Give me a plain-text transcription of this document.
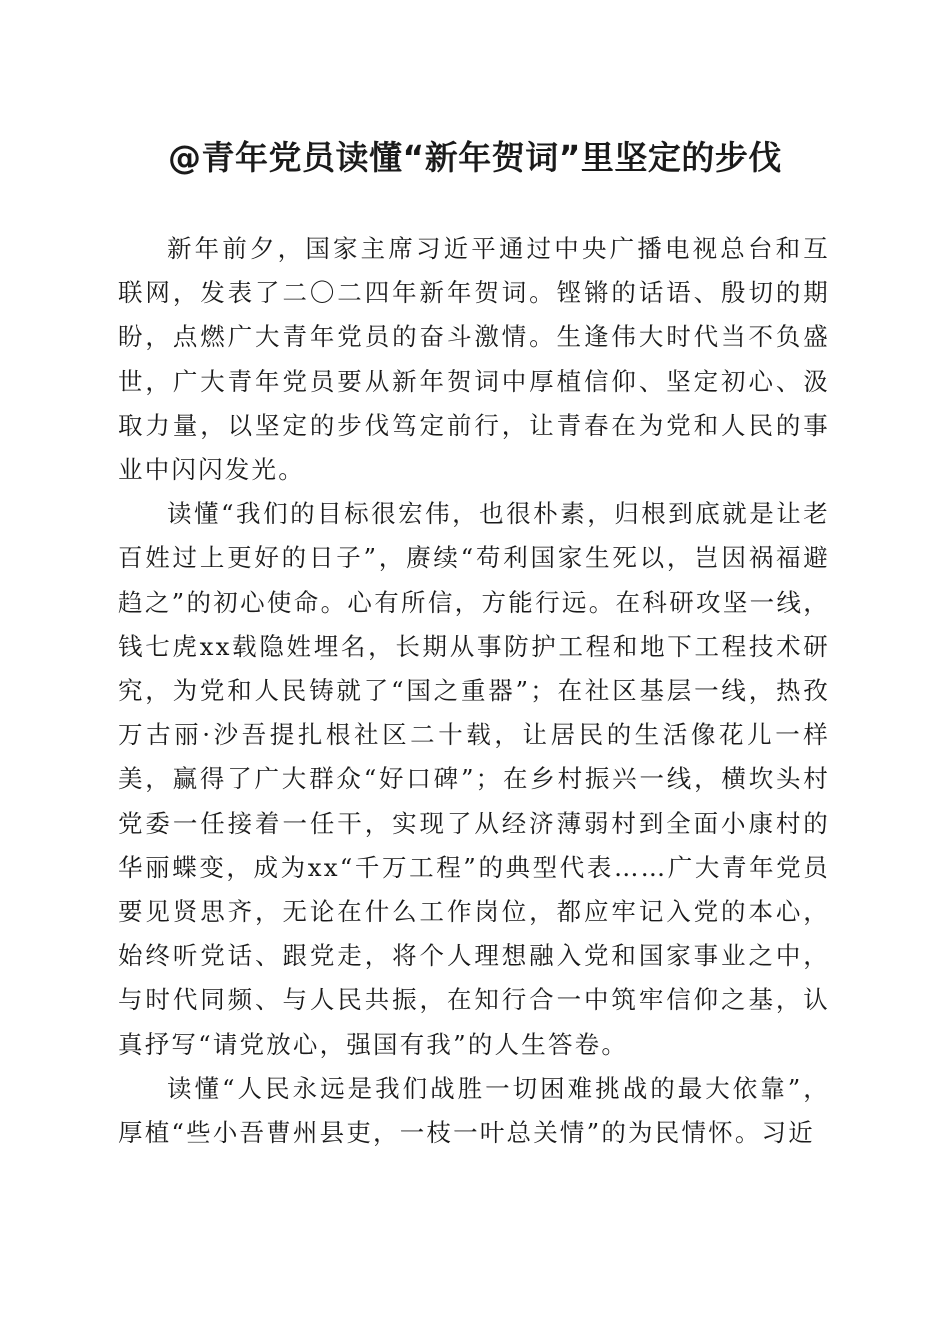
@青年党员读懂“新年贺词”里坚定的步伐

新年前夕，国家主席习近平通过中央广播电视总台和互联网，发表了二〇二四年新年贺词。铿锵的话语、殷切的期盼，点燃广大青年党员的奋斗激情。生逢伟大时代当不负盛世，广大青年党员要从新年贺词中厚植信仰、坚定初心、汲取力量，以坚定的步伐笃定前行，让青春在为党和人民的事业中闪闪发光。

读懂“我们的目标很宏伟，也很朴素，归根到底就是让老百姓过上更好的日子”，赓续“苟利国家生死以，岂因祸福避趋之”的初心使命。心有所信，方能行远。在科研攻坚一线，钱七虎xx载隐姓埋名，长期从事防护工程和地下工程技术研究，为党和人民铸就了“国之重器”；在社区基层一线，热孜万古丽·沙吾提扎根社区二十载，让居民的生活像花儿一样美，赢得了广大群众“好口碑”；在乡村振兴一线，横坎头村党委一任接着一任干，实现了从经济薄弱村到全面小康村的华丽蝶变，成为xx“千万工程”的典型代表……广大青年党员要见贤思齐，无论在什么工作岗位，都应牢记入党的本心，始终听党话、跟党走，将个人理想融入党和国家事业之中，与时代同频、与人民共振，在知行合一中筑牢信仰之基，认真抒写“请党放心，强国有我”的人生答卷。

读懂“人民永远是我们战胜一切困难挑战的最大依靠”，厚植“些小吾曹州县吏，一枝一叶总关情”的为民情怀。习近
